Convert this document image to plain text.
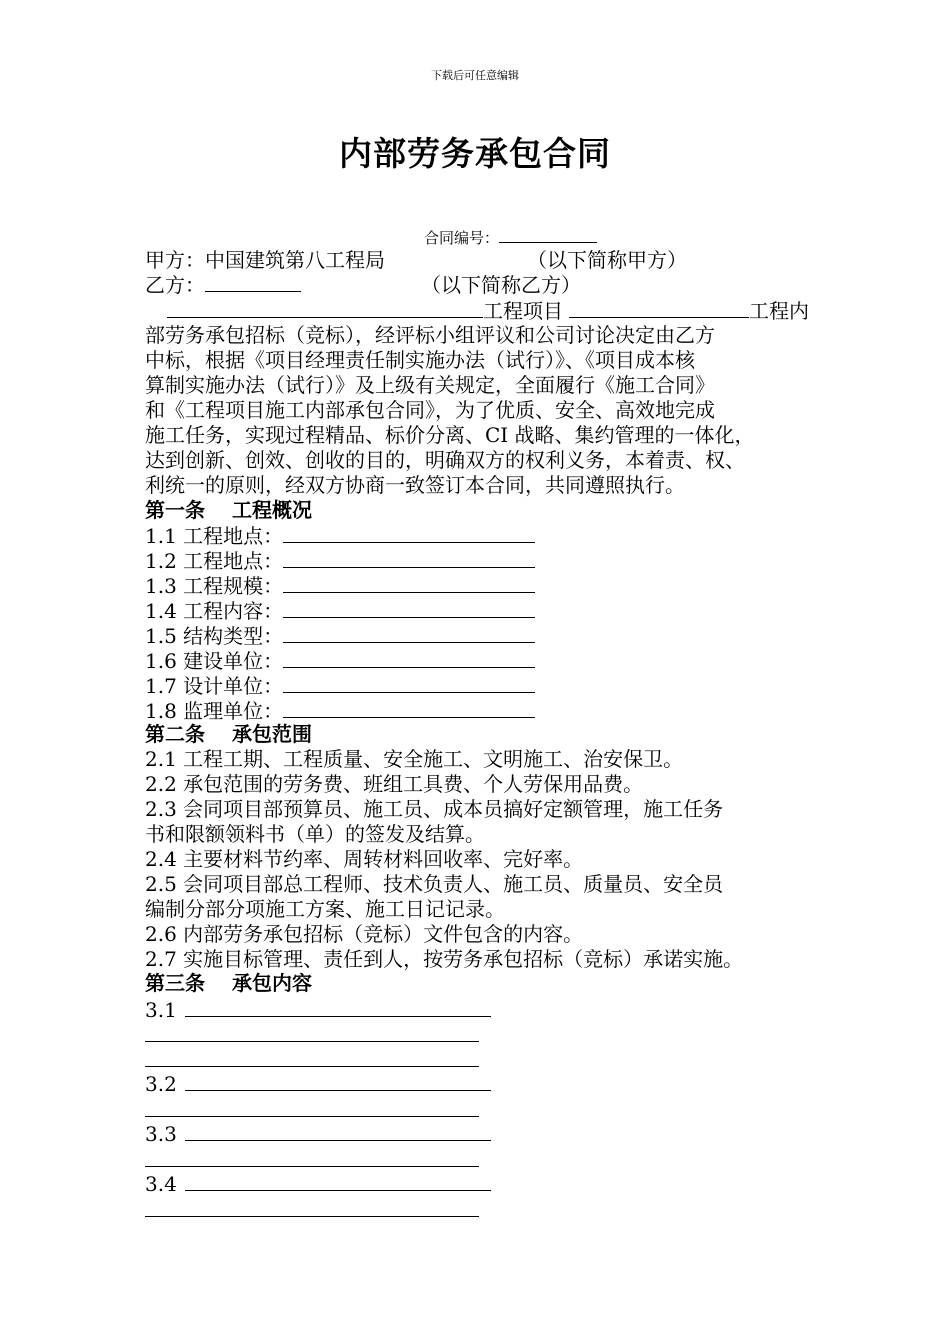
下载后可任意编辑
内部劳务承包合同
合同编号：
甲方：中国建筑第八工程局	（以下简称甲方）
乙方：	（以下简称乙方）
工程项目	工程内
部劳务承包招标（竞标），经评标小组评议和公司讨论决定由乙方
中标，根据《项目经理责任制实施办法（试行）》、《项目成本核
算制实施办法（试行）》及上级有关规定，全面履行《施工合同》
和《工程项目施工内部承包合同》，为了优质、安全、高效地完成
施工任务，实现过程精品、标价分离、CI 战略、集约管理的一体化，
达到创新、创效、创收的目的，明确双方的权利义务，本着责、权、
利统一的原则，经双方协商一致签订本合同，共同遵照执行。
第一条　 工程概况
1.1 工程地点：
1.2 工程地点：
1.3 工程规模：
1.4 工程内容：
1.5 结构类型：
1.6 建设单位：
1.7 设计单位：
1.8 监理单位：
第二条　 承包范围
2.1 工程工期、工程质量、安全施工、文明施工、治安保卫。
2.2 承包范围的劳务费、班组工具费、个人劳保用品费。
2.3 会同项目部预算员、施工员、成本员搞好定额管理，施工任务
书和限额领料书（单）的签发及结算。
2.4 主要材料节约率、周转材料回收率、完好率。
2.5 会同项目部总工程师、技术负责人、施工员、质量员、安全员
编制分部分项施工方案、施工日记记录。
2.6 内部劳务承包招标（竞标）文件包含的内容。
2.7 实施目标管理、责任到人，按劳务承包招标（竞标）承诺实施。
第三条　 承包内容
3.1
3.2
3.3
3.4
